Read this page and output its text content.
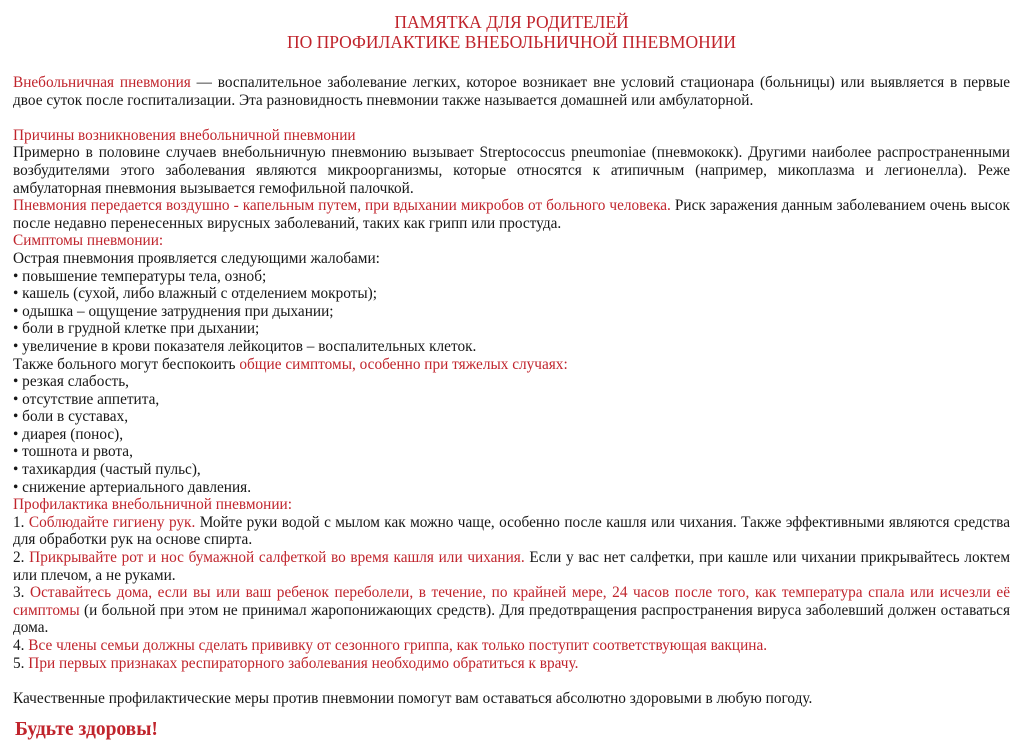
ПАМЯТКА ДЛЯ РОДИТЕЛЕЙ
ПО ПРОФИЛАКТИКЕ ВНЕБОЛЬНИЧНОЙ ПНЕВМОНИИ

Внебольничная пневмония — воспалительное заболевание легких, которое возникает вне условий стационара (больницы) или выявляется в первые двое суток после госпитализации. Эта разновидность пневмонии также называется домашней или амбулаторной.

Причины возникновения внебольничной пневмонии

Примерно в половине случаев внебольничную пневмонию вызывает Streptococcus pneumoniae (пневмококк). Другими наиболее распространенными возбудителями этого заболевания являются микроорганизмы, которые относятся к атипичным (например, микоплазма и легионелла). Реже амбулаторная пневмония вызывается гемофильной палочкой.

Пневмония передается воздушно - капельным путем, при вдыхании микробов от больного человека. Риск заражения данным заболеванием очень высок после недавно перенесенных вирусных заболеваний, таких как грипп или простуда.

Симптомы пневмонии:
Острая пневмония проявляется следующими жалобами:
• повышение температуры тела, озноб;
• кашель (сухой, либо влажный с отделением мокроты);
• одышка – ощущение затруднения при дыхании;
• боли в грудной клетке при дыхании;
• увеличение в крови показателя лейкоцитов – воспалительных клеток.
Также больного могут беспокоить общие симптомы, особенно при тяжелых случаях:
• резкая слабость,
• отсутствие аппетита,
• боли в суставах,
• диарея (понос),
• тошнота и рвота,
• тахикардия (частый пульс),
• снижение артериального давления.
Профилактика внебольничной пневмонии:

1. Соблюдайте гигиену рук. Мойте руки водой с мылом как можно чаще, особенно после кашля или чихания. Также эффективными являются средства для обработки рук на основе спирта.

2. Прикрывайте рот и нос бумажной салфеткой во время кашля или чихания. Если у вас нет салфетки, при кашле или чихании прикрывайтесь локтем или плечом, а не руками.

3. Оставайтесь дома, если вы или ваш ребенок переболели, в течение, по крайней мере, 24 часов после того, как температура спала или исчезли её симптомы (и больной при этом не принимал жаропонижающих средств). Для предотвращения распространения вируса заболевший должен оставаться дома.

4. Все члены семьи должны сделать прививку от сезонного гриппа, как только поступит соответствующая вакцина.

5. При первых признаках респираторного заболевания необходимо обратиться к врачу.

Качественные профилактические меры против пневмонии помогут вам оставаться абсолютно здоровыми в любую погоду.

Будьте здоровы!
